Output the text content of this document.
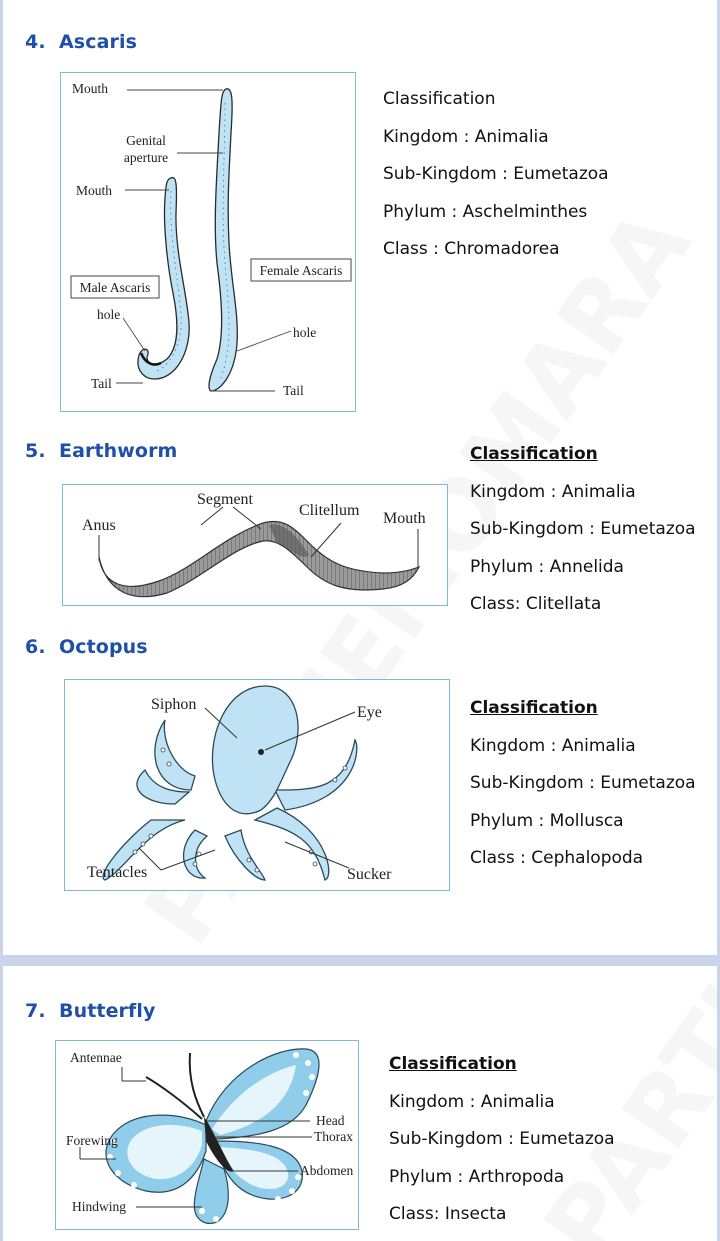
4. Ascaris
Mouth
Genital
aperture
Mouth
Female Ascaris
Male Ascaris
hole
hole
Tail	Tail
Classification
Kingdom : Animalia
Sub-Kingdom : Eumetazoa
Phylum : Aschelminthes
Class : Chromadorea
5. Earthworm
Anus
Segment
Clitellum Mouth
Classification
Kingdom : Animalia
Sub-Kingdom : Eumetazoa
Phylum : Annelida
Class: Clitellata
6. Octopus
Siphon	Eye
Tentacles	Sucker
Classification
Kingdom : Animalia
Sub-Kingdom : Eumetazoa
Phylum : Mollusca
Class : Cephalopoda
7. Butterfly
Antennae
Head
Thorax
Forewing
Abdomen
Hindwing
Classification
Kingdom : Animalia
Sub-Kingdom : Eumetazoa
Phylum : Arthropoda
Class: Insecta
